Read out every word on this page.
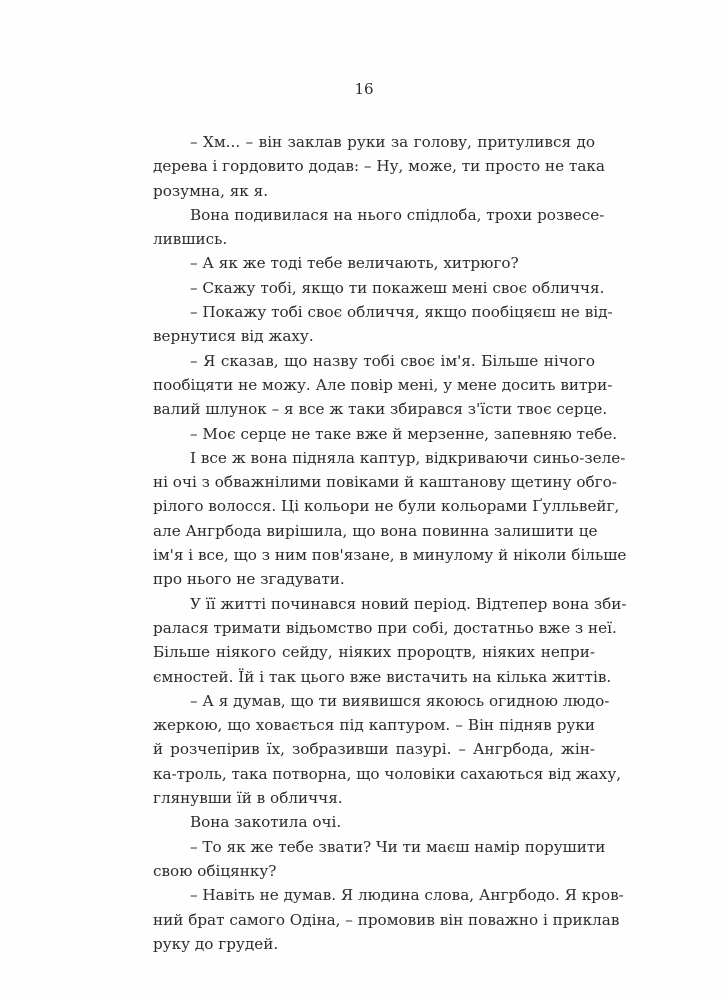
16
– Хм... – він заклав руки за голову, притулився до
дерева і гордовито додав: – Ну, може, ти просто не така
розумна, як я.
Вона подивилася на нього спідлоба, трохи розвесе-
лившись.
– А як же тоді тебе величають, хитрюго?
– Скажу тобі, якщо ти покажеш мені своє обличчя.
– Покажу тобі своє обличчя, якщо пообіцяєш не від-
вернутися від жаху.
– Я сказав, що назву тобі своє ім'я. Більше нічого
пообіцяти не можу. Але повір мені, у мене досить витри-
валий шлунок – я все ж таки збирався з'їсти твоє серце.
– Моє серце не таке вже й мерзенне, запевняю тебе.
І все ж вона підняла каптур, відкриваючи синьо-зеле-
ні очі з обважнілими повіками й каштанову щетину обго-
рілого волосся. Ці кольори не були кольорами Ґулльвейг,
але Ангрбода вирішила, що вона повинна залишити це
ім'я і все, що з ним пов'язане, в минулому й ніколи більше
про нього не згадувати.
У її житті починався новий період. Відтепер вона зби-
ралася тримати відьомство при собі, достатньо вже з неї.
Більше ніякого сейду, ніяких пророцтв, ніяких непри-
ємностей. Їй і так цього вже вистачить на кілька життів.
– А я думав, що ти виявишся якоюсь огидною людо-
жеркою, що ховається під каптуром. – Він підняв руки
й розчепірив їх, зобразивши пазурі. – Ангрбода, жін-
ка-троль, така потворна, що чоловіки сахаються від жаху,
глянувши їй в обличчя.
Вона закотила очі.
– То як же тебе звати? Чи ти маєш намір порушити
свою обіцянку?
– Навіть не думав. Я людина слова, Ангрбодо. Я кров-
ний брат самого Одіна, – промовив він поважно і приклав
руку до грудей.
